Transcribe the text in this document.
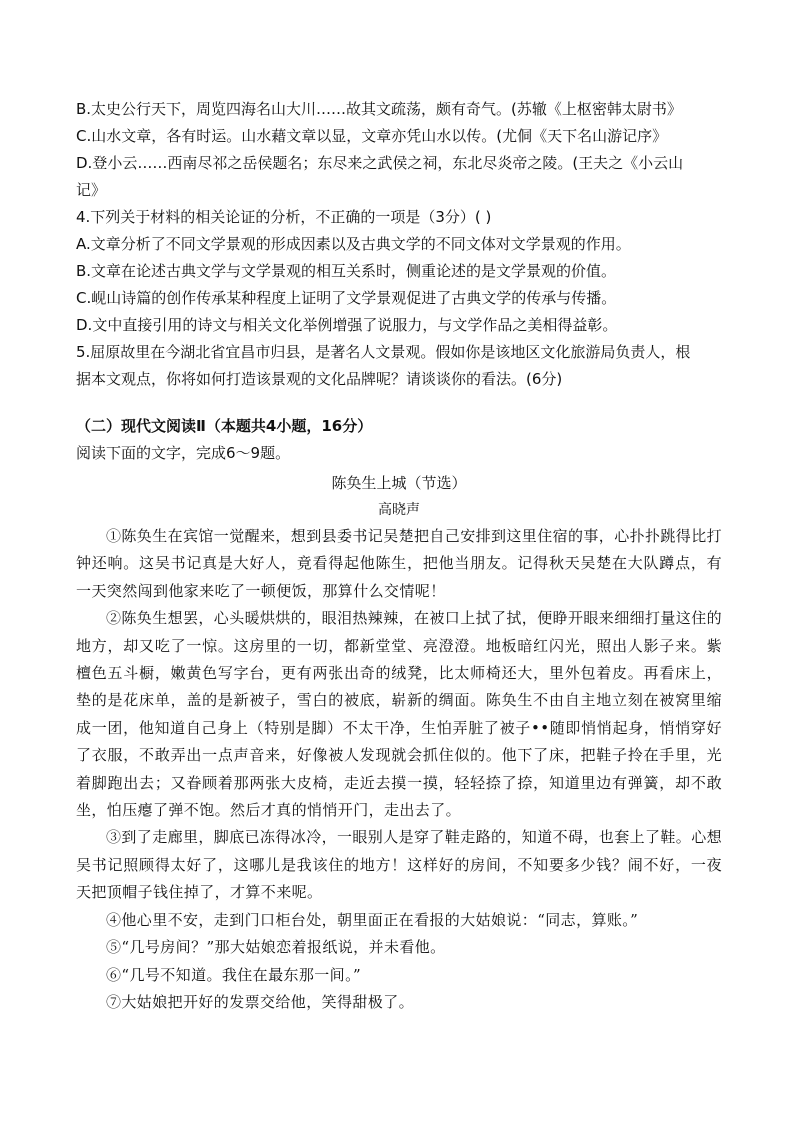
B.太史公行天下，周览四海名山大川……故其文疏荡，颇有奇气。(苏辙《上枢密韩太尉书》
C.山水文章，各有时运。山水藉文章以显，文章亦凭山水以传。(尤侗《天下名山游记序》
D.登小云……西南尽祁之岳侯题名；东尽来之武侯之祠，东北尽炎帝之陵。(王夫之《小云山
记》
4.下列关于材料的相关论证的分析，不正确的一项是（3分）( )
A.文章分析了不同文学景观的形成因素以及古典文学的不同文体对文学景观的作用。
B.文章在论述古典文学与文学景观的相互关系时，侧重论述的是文学景观的价值。
C.岘山诗篇的创作传承某种程度上证明了文学景观促进了古典文学的传承与传播。
D.文中直接引用的诗文与相关文化举例增强了说服力，与文学作品之美相得益彰。
5.屈原故里在今湖北省宜昌市归县，是著名人文景观。假如你是该地区文化旅游局负责人，根
据本文观点，你将如何打造该景观的文化品牌呢？请谈谈你的看法。(6分)
（二）现代文阅读Ⅱ（本题共4小题，16分）
阅读下面的文字，完成6～9题。
陈奂生上城（节选）
高晓声

①陈奂生在宾馆一觉醒来，想到县委书记吴楚把自己安排到这里住宿的事，心扑扑跳得比打钟还响。这吴书记真是大好人，竟看得起他陈生，把他当朋友。记得秋天吴楚在大队蹲点，有一天突然闯到他家来吃了一顿便饭，那算什么交情呢！

②陈奂生想罢，心头暖烘烘的，眼泪热辣辣，在被口上拭了拭，便睁开眼来细细打量这住的地方，却又吃了一惊。这房里的一切，都新堂堂、亮澄澄。地板暗红闪光，照出人影子来。紫檀色五斗橱，嫩黄色写字台，更有两张出奇的绒凳，比太师椅还大，里外包着皮。再看床上，垫的是花床单，盖的是新被子，雪白的被底，崭新的绸面。陈奂生不由自主地立刻在被窝里缩成一团，他知道自己身上（特别是脚）不太干净，生怕弄脏了被子••随即悄悄起身，悄悄穿好了衣服，不敢弄出一点声音来，好像被人发现就会抓住似的。他下了床，把鞋子拎在手里，光着脚跑出去；又眷顾着那两张大皮椅，走近去摸一摸，轻轻捺了捺，知道里边有弹簧，却不敢坐，怕压瘪了弹不饱。然后才真的悄悄开门，走出去了。

③到了走廊里，脚底已冻得冰冷，一眼别人是穿了鞋走路的，知道不碍，也套上了鞋。心想吴书记照顾得太好了，这哪儿是我该住的地方！这样好的房间，不知要多少钱？闹不好，一夜天把顶帽子钱住掉了，才算不来呢。

④他心里不安，走到门口柜台处，朝里面正在看报的大姑娘说：“同志，算账。”

⑤“几号房间？”那大姑娘恋着报纸说，并未看他。

⑥“几号不知道。我住在最东那一间。”

⑦大姑娘把开好的发票交给他，笑得甜极了。
